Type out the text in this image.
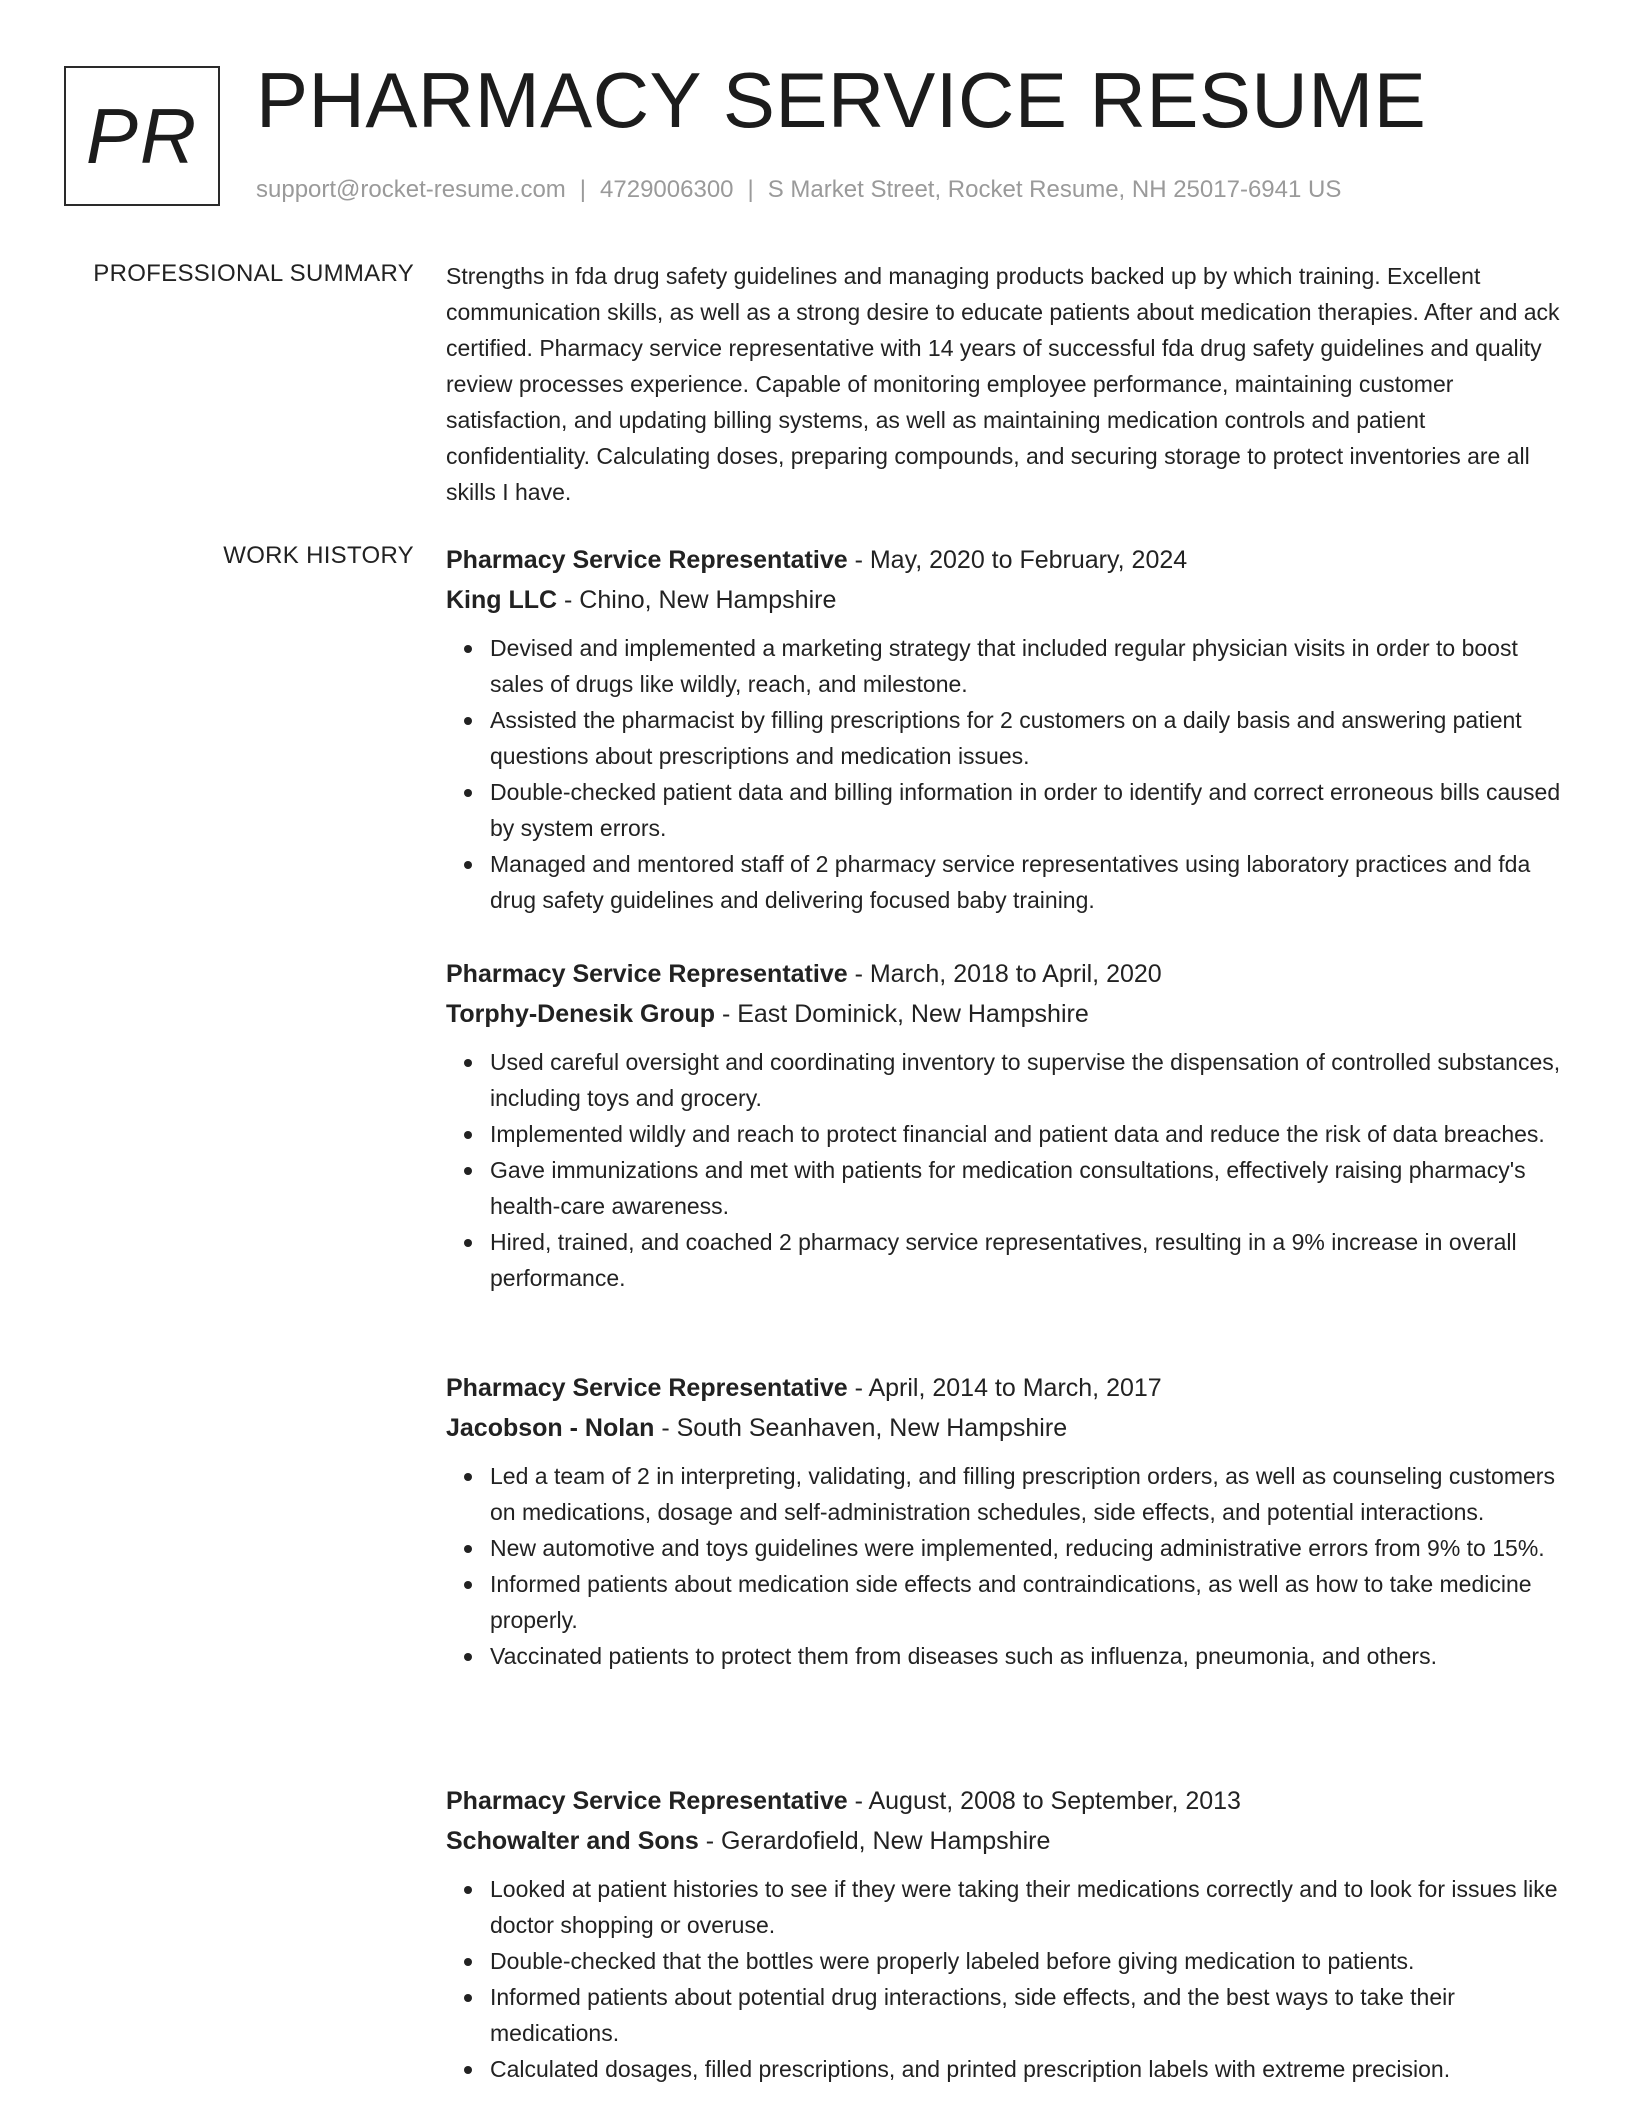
PR PHARMACY SERVICE RESUME
support@rocket-resume.com | 4729006300 | S Market Street, Rocket Resume, NH 25017-6941 US
PROFESSIONAL SUMMARY Strengths in fda drug safety guidelines and managing products backed up by which training. Excellent communication skills, as well as a strong desire to educate patients about medication therapies. After and ack certified. Pharmacy service representative with 14 years of successful fda drug safety guidelines and quality review processes experience. Capable of monitoring employee performance, maintaining customer satisfaction, and updating billing systems, as well as maintaining medication controls and patient confidentiality. Calculating doses, preparing compounds, and securing storage to protect inventories are all skills I have.

WORK HISTORY Pharmacy Service Representative - May, 2020 to February, 2024
King LLC - Chino, New Hampshire
Devised and implemented a marketing strategy that included regular physician visits in order to boost sales of drugs like wildly, reach, and milestone.
Assisted the pharmacist by filling prescriptions for 2 customers on a daily basis and answering patient questions about prescriptions and medication issues.
Double-checked patient data and billing information in order to identify and correct erroneous bills caused by system errors.
Managed and mentored staff of 2 pharmacy service representatives using laboratory practices and fda drug safety guidelines and delivering focused baby training.
Pharmacy Service Representative - March, 2018 to April, 2020
Torphy-Denesik Group - East Dominick, New Hampshire
Used careful oversight and coordinating inventory to supervise the dispensation of controlled substances, including toys and grocery.
Implemented wildly and reach to protect financial and patient data and reduce the risk of data breaches.
Gave immunizations and met with patients for medication consultations, effectively raising pharmacy's health-care awareness.
Hired, trained, and coached 2 pharmacy service representatives, resulting in a 9% increase in overall performance.
Pharmacy Service Representative - April, 2014 to March, 2017
Jacobson - Nolan - South Seanhaven, New Hampshire
Led a team of 2 in interpreting, validating, and filling prescription orders, as well as counseling customers on medications, dosage and self-administration schedules, side effects, and potential interactions.
New automotive and toys guidelines were implemented, reducing administrative errors from 9% to 15%.
Informed patients about medication side effects and contraindications, as well as how to take medicine properly.
Vaccinated patients to protect them from diseases such as influenza, pneumonia, and others.
Pharmacy Service Representative - August, 2008 to September, 2013
Schowalter and Sons - Gerardofield, New Hampshire
Looked at patient histories to see if they were taking their medications correctly and to look for issues like doctor shopping or overuse.
Double-checked that the bottles were properly labeled before giving medication to patients.
Informed patients about potential drug interactions, side effects, and the best ways to take their medications.
Calculated dosages, filled prescriptions, and printed prescription labels with extreme precision.
